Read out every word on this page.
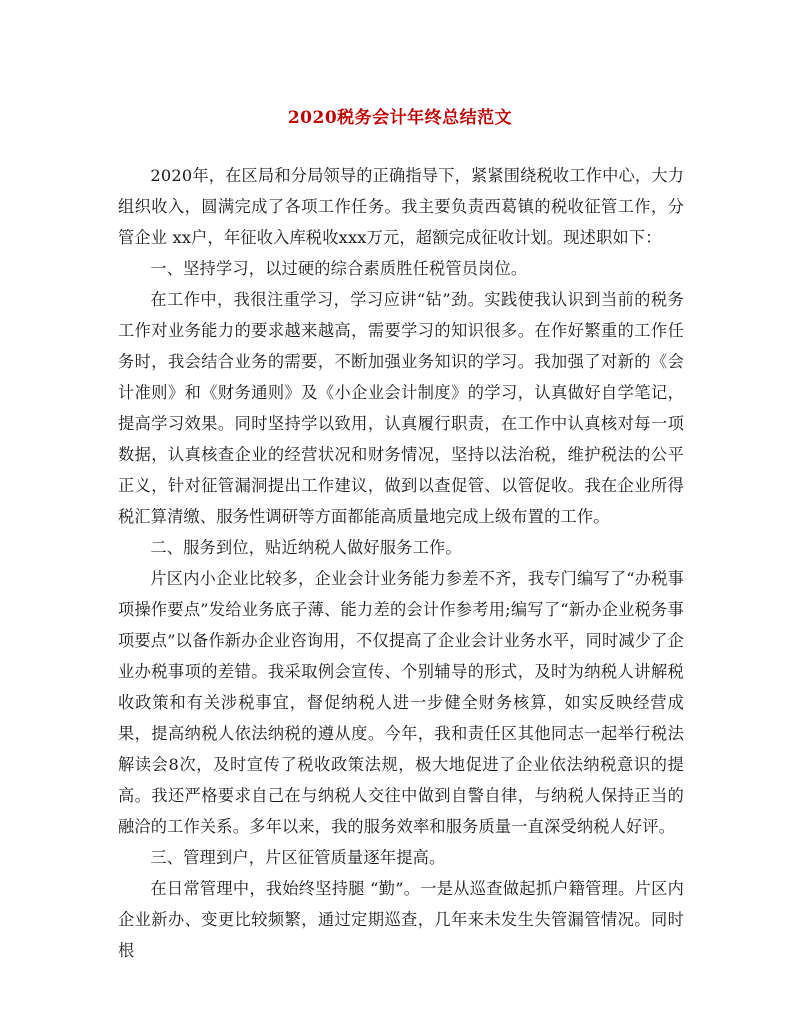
2020税务会计年终总结范文

2020年，在区局和分局领导的正确指导下，紧紧围绕税收工作中心，大力组织收入，圆满完成了各项工作任务。我主要负责西葛镇的税收征管工作，分管企业 xx户，年征收入库税收xxx万元，超额完成征收计划。现述职如下：

一、坚持学习，以过硬的综合素质胜任税管员岗位。

在工作中，我很注重学习，学习应讲“钻”劲。实践使我认识到当前的税务工作对业务能力的要求越来越高，需要学习的知识很多。在作好繁重的工作任务时，我会结合业务的需要，不断加强业务知识的学习。我加强了对新的《会计准则》和《财务通则》及《小企业会计制度》的学习，认真做好自学笔记，提高学习效果。同时坚持学以致用，认真履行职责，在工作中认真核对每一项数据，认真核查企业的经营状况和财务情况，坚持以法治税，维护税法的公平正义，针对征管漏洞提出工作建议，做到以查促管、以管促收。我在企业所得税汇算清缴、服务性调研等方面都能高质量地完成上级布置的工作。

二、服务到位，贴近纳税人做好服务工作。

片区内小企业比较多，企业会计业务能力参差不齐，我专门编写了“办税事项操作要点”发给业务底子薄、能力差的会计作参考用;编写了“新办企业税务事项要点”以备作新办企业咨询用，不仅提高了企业会计业务水平，同时减少了企业办税事项的差错。我采取例会宣传、个别辅导的形式，及时为纳税人讲解税收政策和有关涉税事宜，督促纳税人进一步健全财务核算，如实反映经营成果，提高纳税人依法纳税的遵从度。今年，我和责任区其他同志一起举行税法解读会8次，及时宣传了税收政策法规，极大地促进了企业依法纳税意识的提高。我还严格要求自己在与纳税人交往中做到自警自律，与纳税人保持正当的融洽的工作关系。多年以来，我的服务效率和服务质量一直深受纳税人好评。

三、管理到户，片区征管质量逐年提高。

在日常管理中，我始终坚持腿 “勤”。一是从巡查做起抓户籍管理。片区内企业新办、变更比较频繁，通过定期巡查，几年来未发生失管漏管情况。同时根
